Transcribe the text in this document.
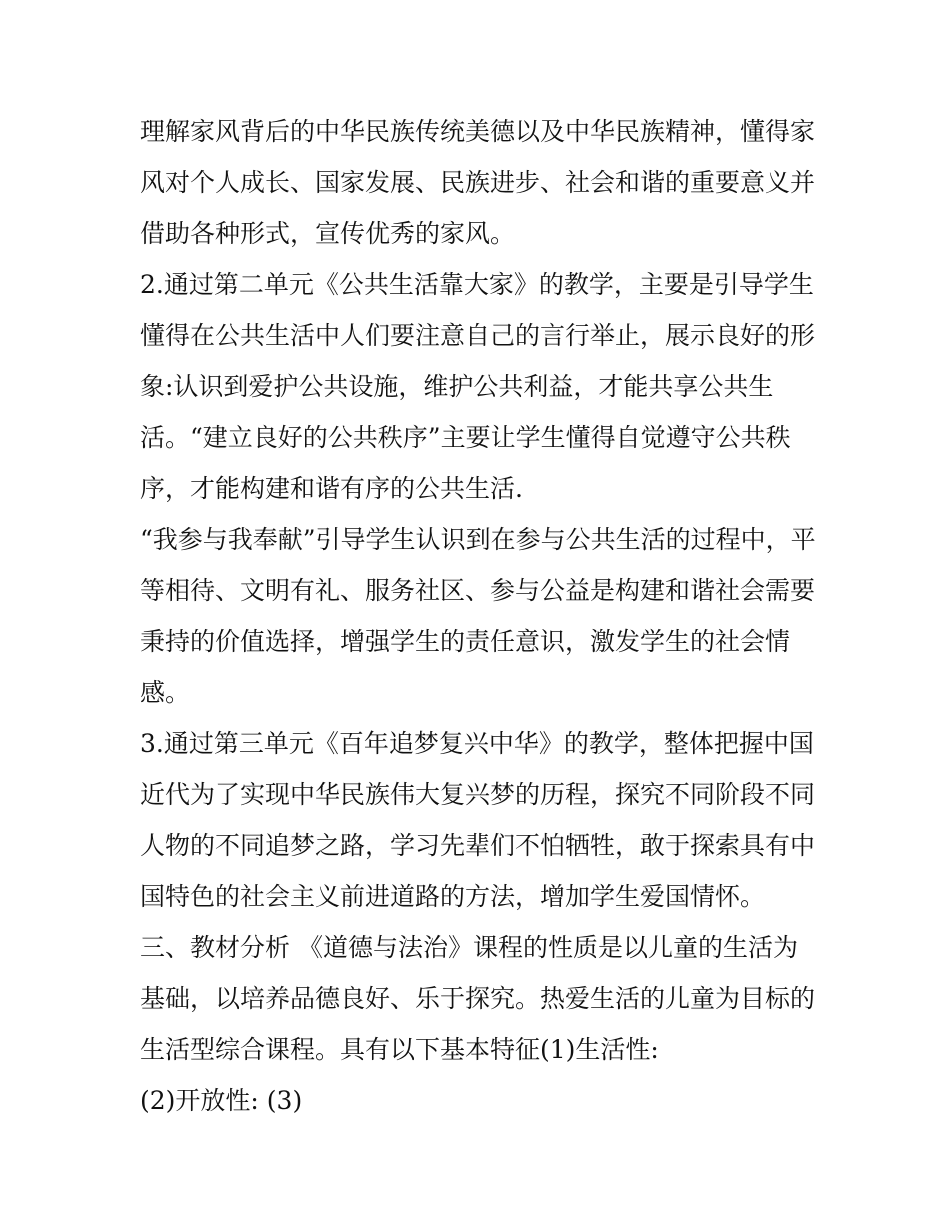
理解家风背后的中华民族传统美德以及中华民族精神，懂得家
风对个人成长、国家发展、民族进步、社会和谐的重要意义并
借助各种形式，宣传优秀的家风。
2.通过第二单元《公共生活靠大家》的教学，主要是引导学生
懂得在公共生活中人们要注意自己的言行举止，展示良好的形
象:认识到爱护公共设施，维护公共利益，才能共享公共生
活。“建立良好的公共秩序”主要让学生懂得自觉遵守公共秩
序，才能构建和谐有序的公共生活.
“我参与我奉献”引导学生认识到在参与公共生活的过程中，平
等相待、文明有礼、服务社区、参与公益是构建和谐社会需要
秉持的价值选择，增强学生的责任意识，激发学生的社会情
感。
3.通过第三单元《百年追梦复兴中华》的教学，整体把握中国
近代为了实现中华民族伟大复兴梦的历程，探究不同阶段不同
人物的不同追梦之路，学习先辈们不怕牺牲，敢于探索具有中
国特色的社会主义前进道路的方法，增加学生爱国情怀。
三、教材分析 《道德与法治》课程的性质是以儿童的生活为
基础，以培养品德良好、乐于探究。热爱生活的儿童为目标的
生活型综合课程。具有以下基本特征(1)生活性:
(2)开放性: (3)
